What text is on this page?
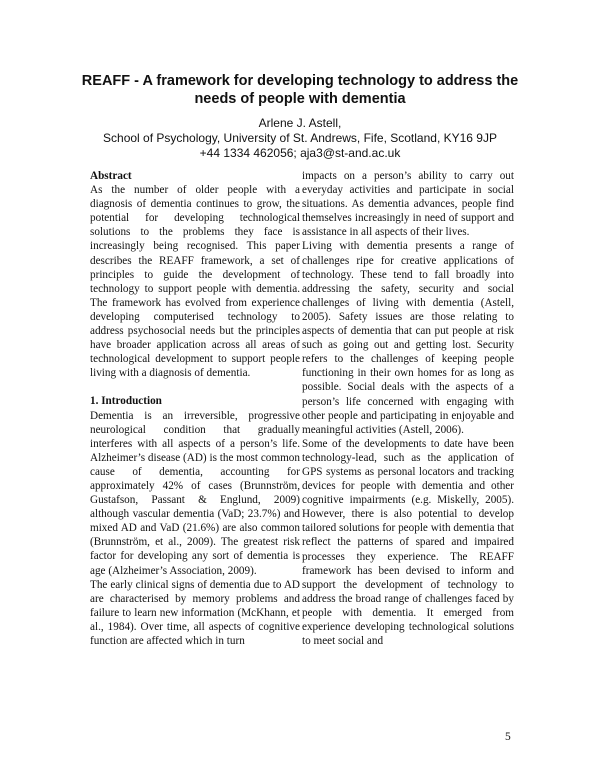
REAFF - A framework for developing technology to address the needs of people with dementia
Arlene J. Astell,
School of Psychology, University of St. Andrews, Fife, Scotland, KY16 9JP
+44 1334 462056; aja3@st-and.ac.uk
Abstract

As the number of older people with a diagnosis of dementia continues to grow, the potential for developing technological solutions to the problems they face is increasingly being recognised. This paper describes the REAFF framework, a set of principles to guide the development of technology to support people with dementia. The framework has evolved from experience developing computerised technology to address psychosocial needs but the principles have broader application across all areas of technological development to support people living with a diagnosis of dementia.

1. Introduction

Dementia is an irreversible, progressive neurological condition that gradually interferes with all aspects of a person’s life. Alzheimer’s disease (AD) is the most common cause of dementia, accounting for approximately 42% of cases (Brunnström, Gustafson, Passant & Englund, 2009) although vascular dementia (VaD; 23.7%) and mixed AD and VaD (21.6%) are also common (Brunnström, et al., 2009). The greatest risk factor for developing any sort of dementia is age (Alzheimer’s Association, 2009).

The early clinical signs of dementia due to AD are characterised by memory problems and failure to learn new information (McKhann, et al., 1984). Over time, all aspects of cognitive function are affected which in turn

impacts on a person’s ability to carry out everyday activities and participate in social situations. As dementia advances, people find themselves increasingly in need of support and assistance in all aspects of their lives.

Living with dementia presents a range of challenges ripe for creative applications of technology. These tend to fall broadly into addressing the safety, security and social challenges of living with dementia (Astell, 2005). Safety issues are those relating to aspects of dementia that can put people at risk such as going out and getting lost. Security refers to the challenges of keeping people functioning in their own homes for as long as possible. Social deals with the aspects of a person’s life concerned with engaging with other people and participating in enjoyable and meaningful activities (Astell, 2006).

Some of the developments to date have been technology-lead, such as the application of GPS systems as personal locators and tracking devices for people with dementia and other cognitive impairments (e.g. Miskelly, 2005). However, there is also potential to develop tailored solutions for people with dementia that reflect the patterns of spared and impaired processes they experience. The REAFF framework has been devised to inform and support the development of technology to address the broad range of challenges faced by people with dementia. It emerged from experience developing technological solutions to meet social and

5
